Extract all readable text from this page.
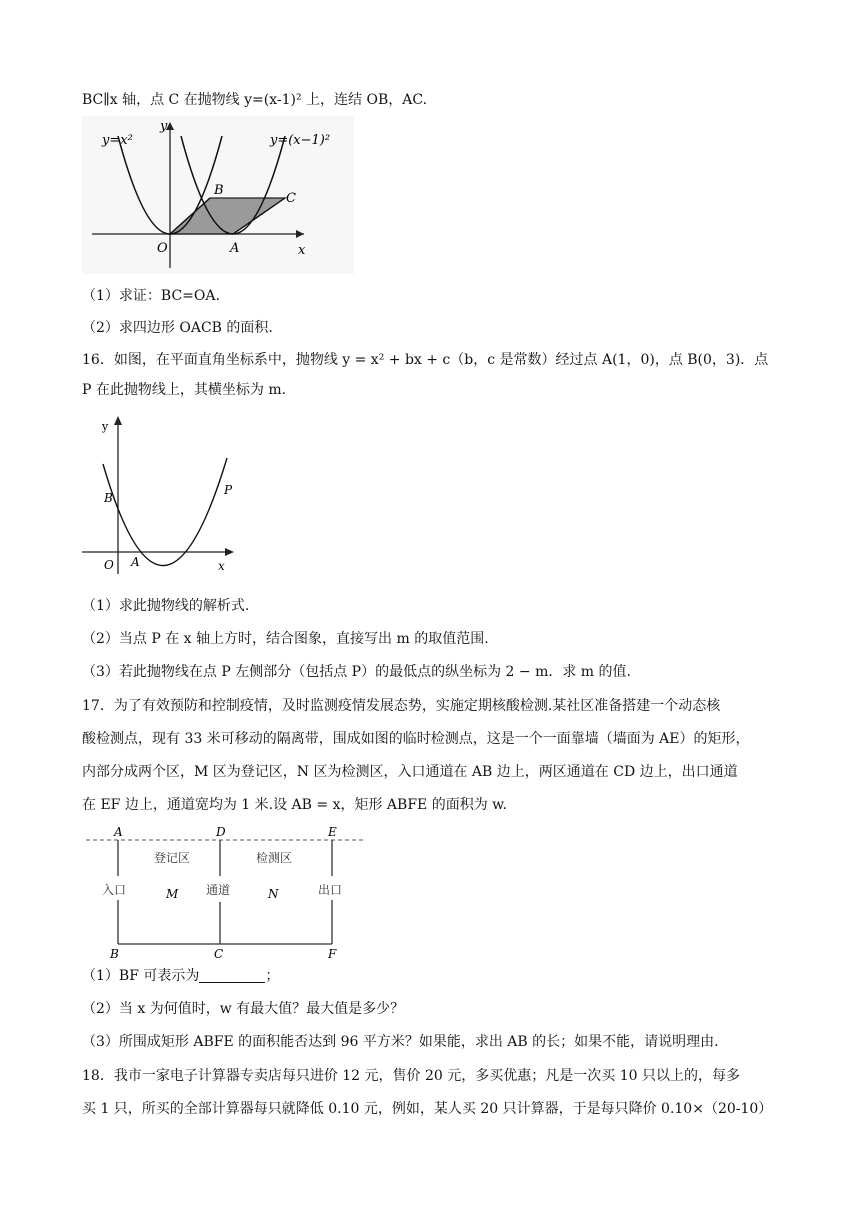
BC∥x 轴，点 C 在抛物线 y=(x-1)² 上，连结 OB，AC.
y=x²	y=(x−1)²
y
x
O	A
B
C
（1）求证：BC=OA.
（2）求四边形 OACB 的面积.
16．如图，在平面直角坐标系中，抛物线 y = x² + bx + c（b，c 是常数）经过点 A(1，0)，点 B(0，3)．点
P 在此抛物线上，其横坐标为 m.
y
x
O A
B
P
（1）求此抛物线的解析式.
（2）当点 P 在 x 轴上方时，结合图象，直接写出 m 的取值范围.
（3）若此抛物线在点 P 左侧部分（包括点 P）的最低点的纵坐标为 2 − m．求 m 的值.
17．为了有效预防和控制疫情，及时监测疫情发展态势，实施定期核酸检测.某社区准备搭建一个动态核
酸检测点，现有 33 米可移动的隔离带，围成如图的临时检测点，这是一个一面靠墙（墙面为 AE）的矩形，
内部分成两个区，M 区为登记区，N 区为检测区，入口通道在 AB 边上，两区通道在 CD 边上，出口通道
在 EF 边上，通道宽均为 1 米.设 AB = x，矩形 ABFE 的面积为 w.
A	D	E
B	C	F
登记区	检测区
入口	通道	出口
M	N
（1）BF 可表示为	；
（2）当 x 为何值时，w 有最大值？最大值是多少？
（3）所围成矩形 ABFE 的面积能否达到 96 平方米？如果能，求出 AB 的长；如果不能，请说明理由.
18．我市一家电子计算器专卖店每只进价 12 元，售价 20 元，多买优惠；凡是一次买 10 只以上的，每多
买 1 只，所买的全部计算器每只就降低 0.10 元，例如，某人买 20 只计算器，于是每只降价 0.10×（20-10）
